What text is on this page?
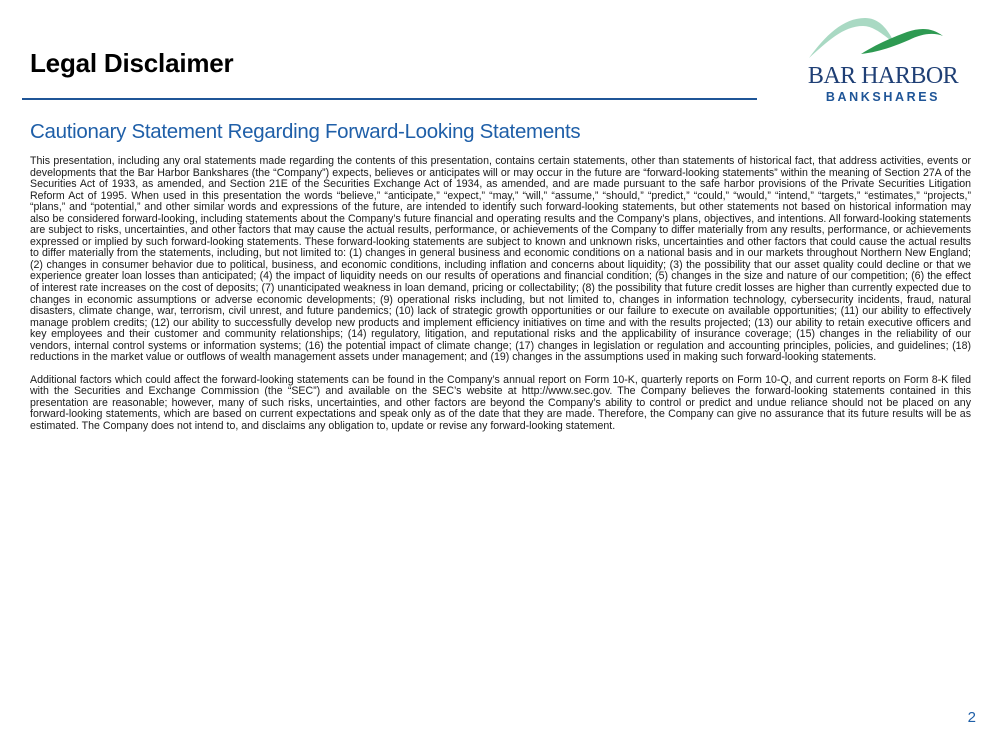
Legal Disclaimer	BAR HARBOR
BANKSHARES
Cautionary Statement Regarding Forward-Looking Statements

This presentation, including any oral statements made regarding the contents of this presentation, contains certain statements, other than statements of historical fact, that address activities, events or developments that the Bar Harbor Bankshares (the “Company”) expects, believes or anticipates will or may occur in the future are “forward-looking statements” within the meaning of Section 27A of the Securities Act of 1933, as amended, and Section 21E of the Securities Exchange Act of 1934, as amended, and are made pursuant to the safe harbor provisions of the Private Securities Litigation Reform Act of 1995. When used in this presentation the words “believe,” “anticipate,” “expect,” “may,” “will,” “assume,” “should,” “predict,” “could,” “would,” “intend,” “targets,” “estimates,” “projects,” “plans,” and “potential,” and other similar words and expressions of the future, are intended to identify such forward-looking statements, but other statements not based on historical information may also be considered forward-looking, including statements about the Company’s future financial and operating results and the Company’s plans, objectives, and intentions. All forward-looking statements are subject to risks, uncertainties, and other factors that may cause the actual results, performance, or achievements of the Company to differ materially from any results, performance, or achievements expressed or implied by such forward-looking statements. These forward-looking statements are subject to known and unknown risks, uncertainties and other factors that could cause the actual results to differ materially from the statements, including, but not limited to: (1) changes in general business and economic conditions on a national basis and in our markets throughout Northern New England; (2) changes in consumer behavior due to political, business, and economic conditions, including inflation and concerns about liquidity; (3) the possibility that our asset quality could decline or that we experience greater loan losses than anticipated; (4) the impact of liquidity needs on our results of operations and financial condition; (5) changes in the size and nature of our competition; (6) the effect of interest rate increases on the cost of deposits; (7) unanticipated weakness in loan demand, pricing or collectability; (8) the possibility that future credit losses are higher than currently expected due to changes in economic assumptions or adverse economic developments; (9) operational risks including, but not limited to, changes in information technology, cybersecurity incidents, fraud, natural disasters, climate change, war, terrorism, civil unrest, and future pandemics; (10) lack of strategic growth opportunities or our failure to execute on available opportunities; (11) our ability to effectively manage problem credits; (12) our ability to successfully develop new products and implement efficiency initiatives on time and with the results projected; (13) our ability to retain executive officers and key employees and their customer and community relationships; (14) regulatory, litigation, and reputational risks and the applicability of insurance coverage; (15) changes in the reliability of our vendors, internal control systems or information systems; (16) the potential impact of climate change; (17) changes in legislation or regulation and accounting principles, policies, and guidelines; (18) reductions in the market value or outflows of wealth management assets under management; and (19) changes in the assumptions used in making such forward-looking statements.

Additional factors which could affect the forward-looking statements can be found in the Company’s annual report on Form 10-K, quarterly reports on Form 10-Q, and current reports on Form 8-K filed with the Securities and Exchange Commission (the “SEC”) and available on the SEC’s website at http://www.sec.gov. The Company believes the forward-looking statements contained in this presentation are reasonable; however, many of such risks, uncertainties, and other factors are beyond the Company’s ability to control or predict and undue reliance should not be placed on any forward-looking statements, which are based on current expectations and speak only as of the date that they are made. Therefore, the Company can give no assurance that its future results will be as estimated. The Company does not intend to, and disclaims any obligation to, update or revise any forward-looking statement.

2
